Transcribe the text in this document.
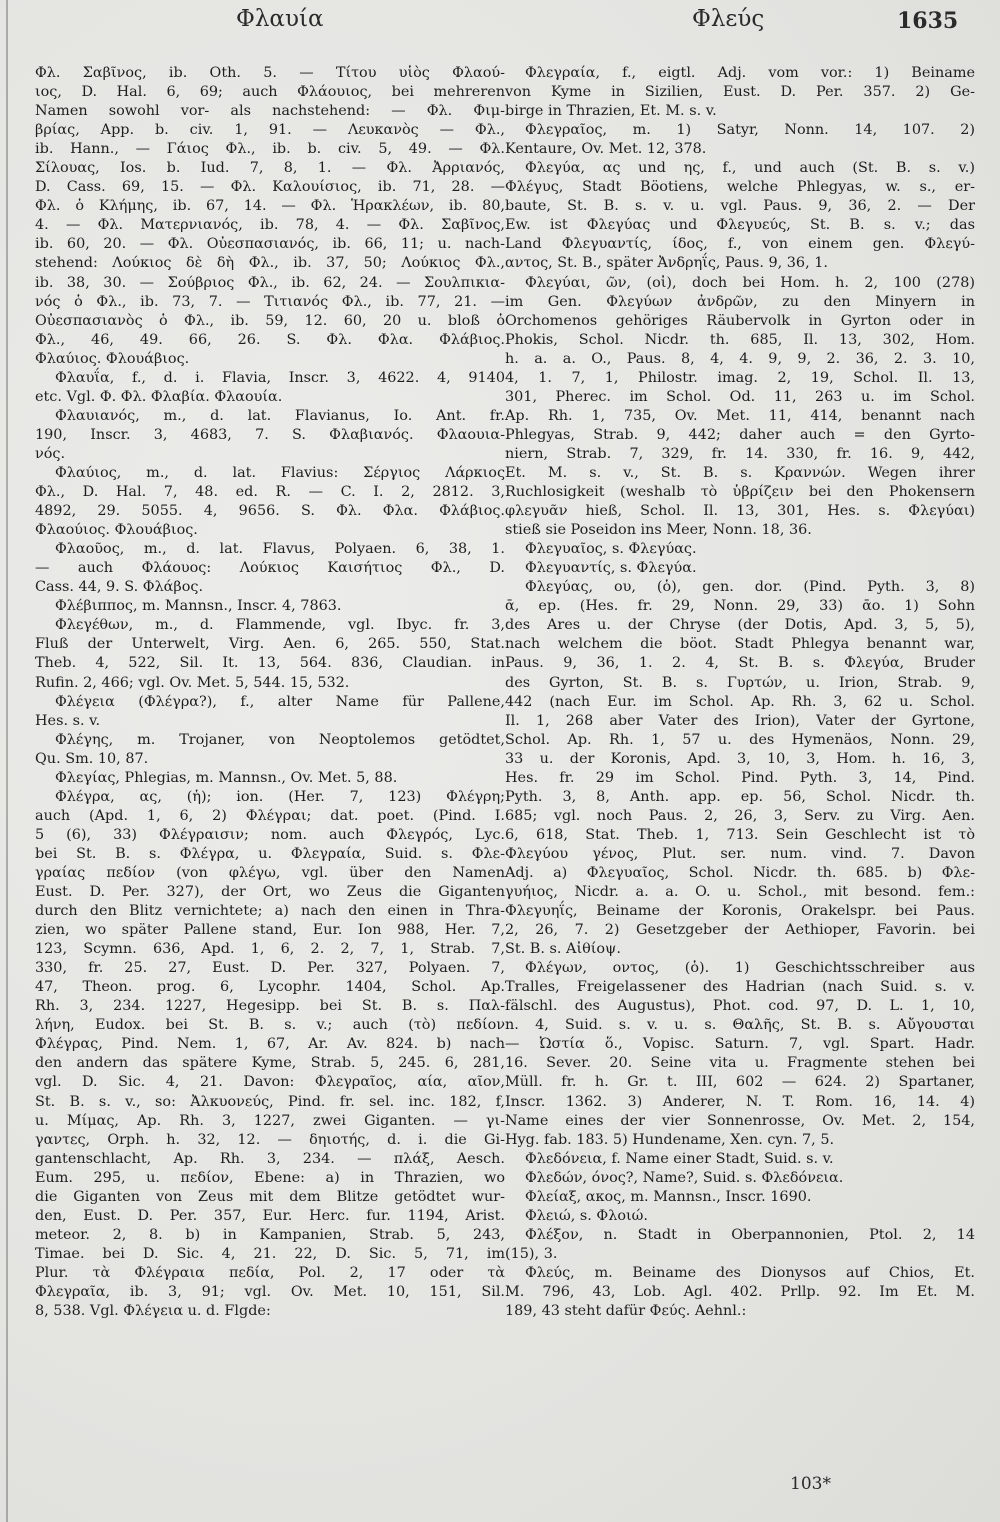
Φλαυία	Φλεύς	1635
Φλ. Σαβῖνος, ib. Oth. 5. — Τίτου υἱὸς Φλαού-
ιος, D. Hal. 6, 69; auch Φλάουιος, bei mehreren
Namen sowohl vor- als nachstehend: — Φλ. Φιμ-
βρίας, App. b. civ. 1, 91. — Λευκανὸς — Φλ.,
ib. Hann., — Γάιος Φλ., ib. b. civ. 5, 49. — Φλ.
Σίλουας, Ios. b. Iud. 7, 8, 1. — Φλ. Ἀρριανός,
D. Cass. 69, 15. — Φλ. Καλουίσιος, ib. 71, 28. —
Φλ. ὁ Κλήμης, ib. 67, 14. — Φλ. Ἡρακλέων, ib. 80,
4. — Φλ. Ματερνιανός, ib. 78, 4. — Φλ. Σαβῖνος,
ib. 60, 20. — Φλ. Οὐεσπασιανός, ib. 66, 11; u. nach-
stehend: Λούκιος δὲ δὴ Φλ., ib. 37, 50; Λούκιος Φλ.,
ib. 38, 30. — Σούβριος Φλ., ib. 62, 24. — Σουλπικια-
νός ὁ Φλ., ib. 73, 7. — Τιτιανός Φλ., ib. 77, 21. —
Οὐεσπασιανὸς ὁ Φλ., ib. 59, 12. 60, 20 u. bloß ὁ
Φλ., 46, 49. 66, 26. S. Φλ. Φλα. Φλάβιος.
Φλαύιος. Φλουάβιος.
Φλαυΐα, f., d. i. Flavia, Inscr. 3, 4622. 4, 9140
etc. Vgl. Φ. Φλ. Φλαβία. Φλαουία.
Φλαυιανός, m., d. lat. Flavianus, Io. Ant. fr.
190, Inscr. 3, 4683, 7. S. Φλαβιανός. Φλαουια-
νός.
Φλαύιος, m., d. lat. Flavius: Σέργιος Λάρκιος
Φλ., D. Hal. 7, 48. ed. R. — C. I. 2, 2812. 3,
4892, 29. 5055. 4, 9656. S. Φλ. Φλα. Φλάβιος.
Φλαούιος. Φλουάβιος.
Φλαοῦος, m., d. lat. Flavus, Polyaen. 6, 38, 1.
— auch Φλάουος: Λούκιος Καισήτιος Φλ., D.
Cass. 44, 9. S. Φλάβος.
Φλέβιππος, m. Mannsn., Inscr. 4, 7863.
Φλεγέθων, m., d. Flammende, vgl. Ibyc. fr. 3,
Fluß der Unterwelt, Virg. Aen. 6, 265. 550, Stat.
Theb. 4, 522, Sil. It. 13, 564. 836, Claudian. in
Rufin. 2, 466; vgl. Ov. Met. 5, 544. 15, 532.
Φλέγεια (Φλέγρα?), f., alter Name für Pallene,
Hes. s. v.
Φλέγης, m. Trojaner, von Neoptolemos getödtet,
Qu. Sm. 10, 87.
Φλεγίας, Phlegias, m. Mannsn., Ov. Met. 5, 88.
Φλέγρα, ας, (ἡ); ion. (Her. 7, 123) Φλέγρη;
auch (Apd. 1, 6, 2) Φλέγραι; dat. poet. (Pind. I.
5 (6), 33) Φλέγραισιν; nom. auch Φλεγρός, Lyc.
bei St. B. s. Φλέγρα, u. Φλεγραία, Suid. s. Φλε-
γραίας πεδίον (von φλέγω, vgl. über den Namen
Eust. D. Per. 327), der Ort, wo Zeus die Giganten
durch den Blitz vernichtete; a) nach den einen in Thra-
zien, wo später Pallene stand, Eur. Ion 988, Her. 7,
123, Scymn. 636, Apd. 1, 6, 2. 2, 7, 1, Strab. 7,
330, fr. 25. 27, Eust. D. Per. 327, Polyaen. 7,
47, Theon. prog. 6, Lycophr. 1404, Schol. Ap.
Rh. 3, 234. 1227, Hegesipp. bei St. B. s. Παλ-
λήνη, Eudox. bei St. B. s. v.; auch (τὸ) πεδίον
Φλέγρας, Pind. Nem. 1, 67, Ar. Av. 824. b) nach
den andern das spätere Kyme, Strab. 5, 245. 6, 281,
vgl. D. Sic. 4, 21. Davon: Φλεγραῖος, αία, αῖον,
St. B. s. v., so: Ἀλκυονεύς, Pind. fr. sel. inc. 182, f,
u. Μίμας, Ap. Rh. 3, 1227, zwei Giganten. — γι-
γαντες, Orph. h. 32, 12. — δηιοτής, d. i. die Gi-
gantenschlacht, Ap. Rh. 3, 234. — πλάξ, Aesch.
Eum. 295, u. πεδίον, Ebene: a) in Thrazien, wo
die Giganten von Zeus mit dem Blitze getödtet wur-
den, Eust. D. Per. 357, Eur. Herc. fur. 1194, Arist.
meteor. 2, 8. b) in Kampanien, Strab. 5, 243,
Timae. bei D. Sic. 4, 21. 22, D. Sic. 5, 71, im
Plur. τὰ Φλέγραια πεδία, Pol. 2, 17 oder τὰ
Φλεγραῖα, ib. 3, 91; vgl. Ov. Met. 10, 151, Sil.
8, 538. Vgl. Φλέγεια u. d. Flgde:
Φλεγραία, f., eigtl. Adj. vom vor.: 1) Beiname
von Kyme in Sizilien, Eust. D. Per. 357. 2) Ge-
birge in Thrazien, Et. M. s. v.
Φλεγραῖος, m. 1) Satyr, Nonn. 14, 107. 2)
Kentaure, Ov. Met. 12, 378.
Φλεγύα, ας und ης, f., und auch (St. B. s. v.)
Φλέγυς, Stadt Böotiens, welche Phlegyas, w. s., er-
baute, St. B. s. v. u. vgl. Paus. 9, 36, 2. — Der
Ew. ist Φλεγύας und Φλεγυεύς, St. B. s. v.; das
Land Φλεγυαντίς, ίδος, f., von einem gen. Φλεγύ-
αντος, St. B., später Ἀνδρηΐς, Paus. 9, 36, 1.
Φλεγύαι, ῶν, (οἱ), doch bei Hom. h. 2, 100 (278)
im Gen. Φλεγύων ἀνδρῶν, zu den Minyern in
Orchomenos gehöriges Räubervolk in Gyrton oder in
Phokis, Schol. Nicdr. th. 685, Il. 13, 302, Hom.
h. a. a. O., Paus. 8, 4, 4. 9, 9, 2. 36, 2. 3. 10,
4, 1. 7, 1, Philostr. imag. 2, 19, Schol. Il. 13,
301, Pherec. im Schol. Od. 11, 263 u. im Schol.
Ap. Rh. 1, 735, Ov. Met. 11, 414, benannt nach
Phlegyas, Strab. 9, 442; daher auch = den Gyrto-
niern, Strab. 7, 329, fr. 14. 330, fr. 16. 9, 442,
Et. M. s. v., St. B. s. Κραννών. Wegen ihrer
Ruchlosigkeit (weshalb τὸ ὑβρίζειν bei den Phokensern
φλεγυᾶν hieß, Schol. Il. 13, 301, Hes. s. Φλεγύαι)
stieß sie Poseidon ins Meer, Nonn. 18, 36.
Φλεγυαῖος, s. Φλεγύας.
Φλεγυαντίς, s. Φλεγύα.
Φλεγύας, ου, (ὁ), gen. dor. (Pind. Pyth. 3, 8)
ᾱ, ep. (Hes. fr. 29, Nonn. 29, 33) ᾱο. 1) Sohn
des Ares u. der Chryse (der Dotis, Apd. 3, 5, 5),
nach welchem die böot. Stadt Phlegya benannt war,
Paus. 9, 36, 1. 2. 4, St. B. s. Φλεγύα, Bruder
des Gyrton, St. B. s. Γυρτών, u. Irion, Strab. 9,
442 (nach Eur. im Schol. Ap. Rh. 3, 62 u. Schol.
Il. 1, 268 aber Vater des Irion), Vater der Gyrtone,
Schol. Ap. Rh. 1, 57 u. des Hymenäos, Nonn. 29,
33 u. der Koronis, Apd. 3, 10, 3, Hom. h. 16, 3,
Hes. fr. 29 im Schol. Pind. Pyth. 3, 14, Pind.
Pyth. 3, 8, Anth. app. ep. 56, Schol. Nicdr. th.
685; vgl. noch Paus. 2, 26, 3, Serv. zu Virg. Aen.
6, 618, Stat. Theb. 1, 713. Sein Geschlecht ist τὸ
Φλεγύου γένος, Plut. ser. num. vind. 7. Davon
Adj. a) Φλεγυαῖος, Schol. Nicdr. th. 685. b) Φλε-
γυήιος, Nicdr. a. a. O. u. Schol., mit besond. fem.:
Φλεγυηΐς, Beiname der Koronis, Orakelspr. bei Paus.
2, 26, 7. 2) Gesetzgeber der Aethioper, Favorin. bei
St. B. s. Αἰθίοψ.
Φλέγων, οντος, (ὁ). 1) Geschichtsschreiber aus
Tralles, Freigelassener des Hadrian (nach Suid. s. v.
fälschl. des Augustus), Phot. cod. 97, D. L. 1, 10,
n. 4, Suid. s. v. u. s. Θαλῆς, St. B. s. Αὔγουσται
— Ὠστία ὅ., Vopisc. Saturn. 7, vgl. Spart. Hadr.
16. Sever. 20. Seine vita u. Fragmente stehen bei
Müll. fr. h. Gr. t. III, 602 — 624. 2) Spartaner,
Inscr. 1362. 3) Anderer, N. T. Rom. 16, 14. 4)
Name eines der vier Sonnenrosse, Ov. Met. 2, 154,
Hyg. fab. 183. 5) Hundename, Xen. cyn. 7, 5.
Φλεδόνεια, f. Name einer Stadt, Suid. s. v.
Φλεδών, όνος?, Name?, Suid. s. Φλεδόνεια.
Φλείαξ, ακος, m. Mannsn., Inscr. 1690.
Φλειώ, s. Φλοιώ.
Φλέξον, n. Stadt in Oberpannonien, Ptol. 2, 14
(15), 3.
Φλεύς, m. Beiname des Dionysos auf Chios, Et.
M. 796, 43, Lob. Agl. 402. Prllp. 92. Im Et. M.
189, 43 steht dafür Φεύς. Aehnl.:
103*
